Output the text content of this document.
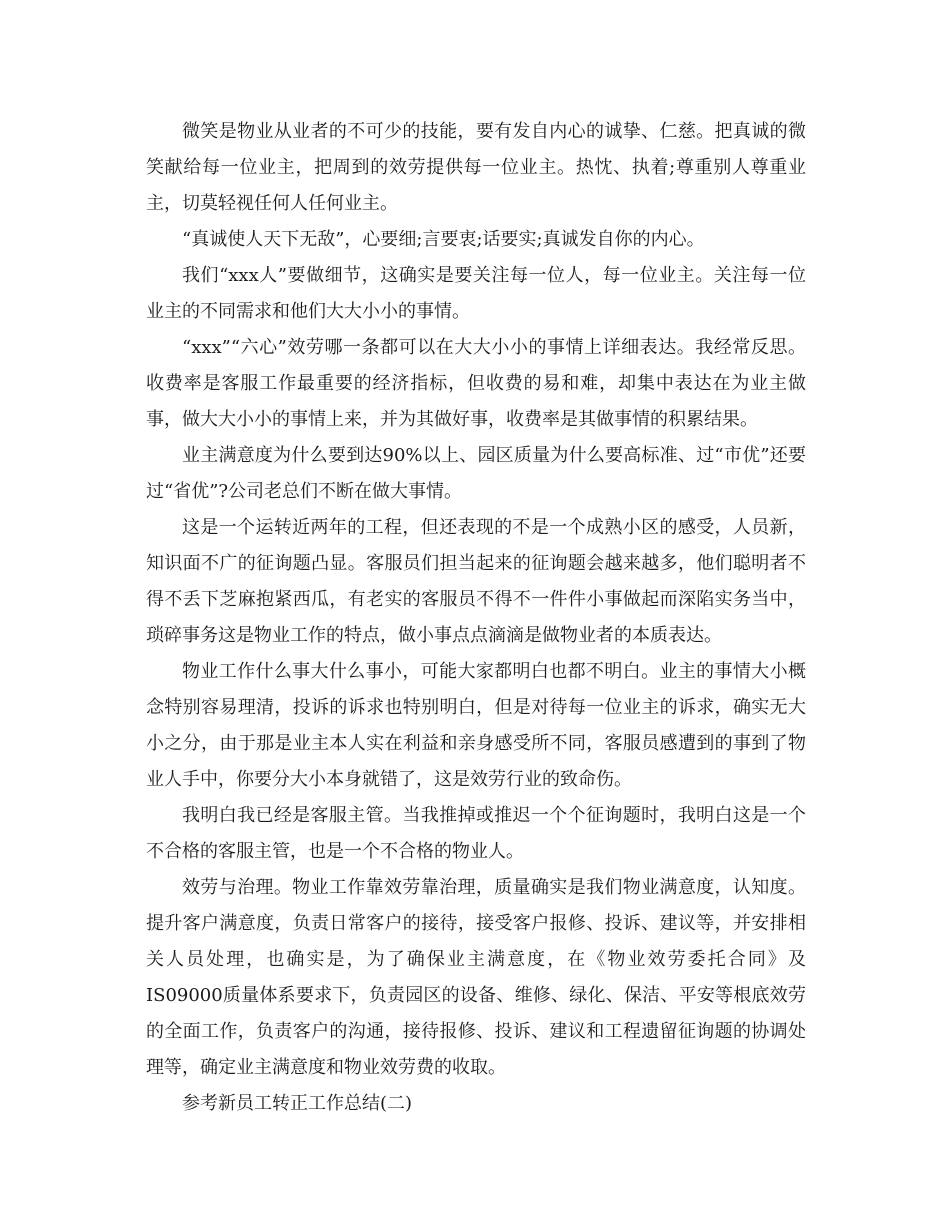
微笑是物业从业者的不可少的技能，要有发自内心的诚挚、仁慈。把真诚的微笑献给每一位业主，把周到的效劳提供每一位业主。热忱、执着;尊重别人尊重业主，切莫轻视任何人任何业主。

“真诚使人天下无敌”，心要细;言要衷;话要实;真诚发自你的内心。

我们“xxx人”要做细节，这确实是要关注每一位人，每一位业主。关注每一位业主的不同需求和他们大大小小的事情。

“xxx”“六心”效劳哪一条都可以在大大小小的事情上详细表达。我经常反思。收费率是客服工作最重要的经济指标，但收费的易和难，却集中表达在为业主做事，做大大小小的事情上来，并为其做好事，收费率是其做事情的积累结果。

业主满意度为什么要到达90%以上、园区质量为什么要高标准、过“市优”还要过“省优”?公司老总们不断在做大事情。

这是一个运转近两年的工程，但还表现的不是一个成熟小区的感受，人员新，知识面不广的征询题凸显。客服员们担当起来的征询题会越来越多，他们聪明者不得不丢下芝麻抱紧西瓜，有老实的客服员不得不一件件小事做起而深陷实务当中，琐碎事务这是物业工作的特点，做小事点点滴滴是做物业者的本质表达。

物业工作什么事大什么事小，可能大家都明白也都不明白。业主的事情大小概念特别容易理清，投诉的诉求也特别明白，但是对待每一位业主的诉求，确实无大小之分，由于那是业主本人实在利益和亲身感受所不同，客服员感遭到的事到了物业人手中，你要分大小本身就错了，这是效劳行业的致命伤。

我明白我已经是客服主管。当我推掉或推迟一个个征询题时，我明白这是一个不合格的客服主管，也是一个不合格的物业人。

效劳与治理。物业工作靠效劳靠治理，质量确实是我们物业满意度，认知度。提升客户满意度，负责日常客户的接待，接受客户报修、投诉、建议等，并安排相关人员处理，也确实是，为了确保业主满意度，在《物业效劳委托合同》及IS09000质量体系要求下，负责园区的设备、维修、绿化、保洁、平安等根底效劳的全面工作，负责客户的沟通，接待报修、投诉、建议和工程遗留征询题的协调处理等，确定业主满意度和物业效劳费的收取。

参考新员工转正工作总结(二)
